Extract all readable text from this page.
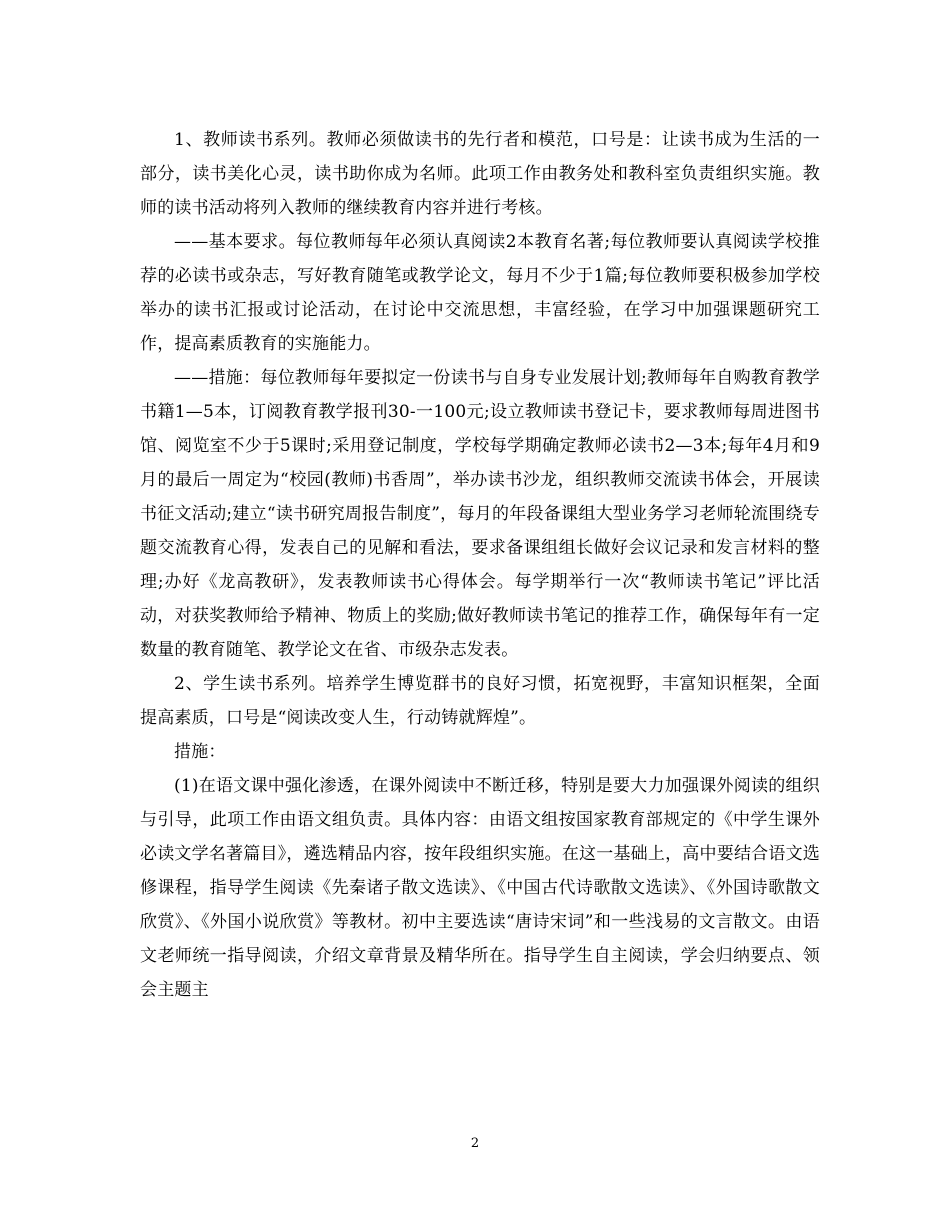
1、教师读书系列。教师必须做读书的先行者和模范，口号是：让读书成为生活的一部分，读书美化心灵，读书助你成为名师。此项工作由教务处和教科室负责组织实施。教师的读书活动将列入教师的继续教育内容并进行考核。

——基本要求。每位教师每年必须认真阅读2本教育名著;每位教师要认真阅读学校推荐的必读书或杂志，写好教育随笔或教学论文，每月不少于1篇;每位教师要积极参加学校举办的读书汇报或讨论活动，在讨论中交流思想，丰富经验，在学习中加强课题研究工作，提高素质教育的实施能力。

——措施：每位教师每年要拟定一份读书与自身专业发展计划;教师每年自购教育教学书籍1—5本，订阅教育教学报刊30-一100元;设立教师读书登记卡，要求教师每周进图书馆、阅览室不少于5课时;采用登记制度，学校每学期确定教师必读书2—3本;每年4月和9月的最后一周定为“校园(教师)书香周”，举办读书沙龙，组织教师交流读书体会，开展读书征文活动;建立“读书研究周报告制度”，每月的年段备课组大型业务学习老师轮流围绕专题交流教育心得，发表自己的见解和看法，要求备课组组长做好会议记录和发言材料的整理;办好《龙高教研》，发表教师读书心得体会。每学期举行一次“教师读书笔记”评比活动，对获奖教师给予精神、物质上的奖励;做好教师读书笔记的推荐工作，确保每年有一定数量的教育随笔、教学论文在省、市级杂志发表。

2、学生读书系列。培养学生博览群书的良好习惯，拓宽视野，丰富知识框架，全面提高素质，口号是“阅读改变人生，行动铸就辉煌”。

措施：

(1)在语文课中强化渗透，在课外阅读中不断迁移，特别是要大力加强课外阅读的组织与引导，此项工作由语文组负责。具体内容：由语文组按国家教育部规定的《中学生课外必读文学名著篇目》，遴选精品内容，按年段组织实施。在这一基础上，高中要结合语文选修课程，指导学生阅读《先秦诸子散文选读》、《中国古代诗歌散文选读》、《外国诗歌散文欣赏》、《外国小说欣赏》等教材。初中主要选读“唐诗宋词”和一些浅易的文言散文。由语文老师统一指导阅读，介绍文章背景及精华所在。指导学生自主阅读，学会归纳要点、领会主题主

2
